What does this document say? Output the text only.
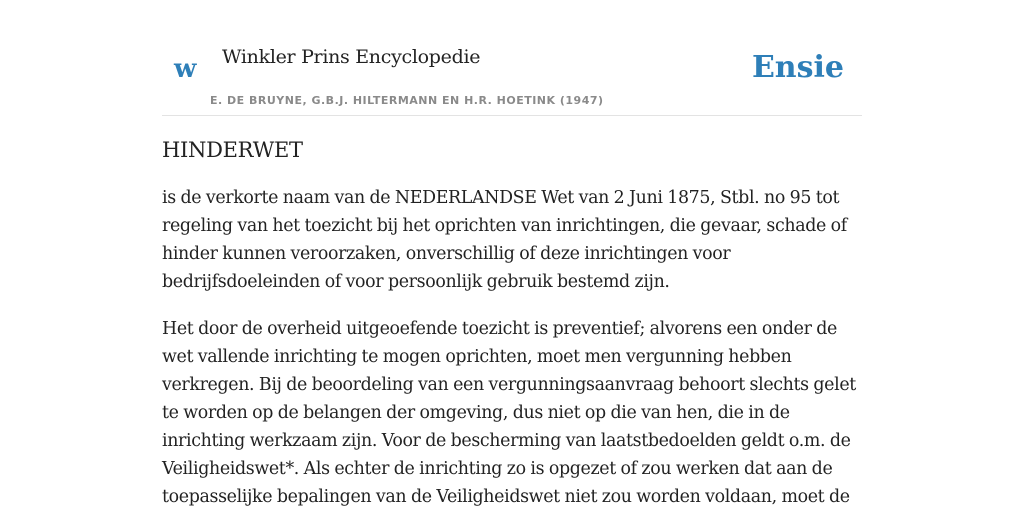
w Winkler Prins Encyclopedie
E. DE BRUYNE, G.B.J. HILTERMANN EN H.R. HOETINK (1947)
Ensie
HINDERWET

is de verkorte naam van de NEDERLANDSE Wet van 2 Juni 1875, Stbl. no 95 tot regeling van het toezicht bij het oprichten van inrichtingen, die gevaar, schade of hinder kunnen veroorzaken, onverschillig of deze inrichtingen voor bedrijfsdoeleinden of voor persoonlijk gebruik bestemd zijn.

Het door de overheid uitgeoefende toezicht is preventief; alvorens een onder de wet vallende inrichting te mogen oprichten, moet men vergunning hebben verkregen. Bij de beoordeling van een vergunningsaanvraag behoort slechts gelet te worden op de belangen der omgeving, dus niet op die van hen, die in de inrichting werkzaam zijn. Voor de bescherming van laatstbedoelden geldt o.m. de Veiligheidswet*. Als echter de inrichting zo is opgezet of zou werken dat aan de toepasselijke bepalingen van de Veiligheidswet niet zou worden voldaan, moet de
